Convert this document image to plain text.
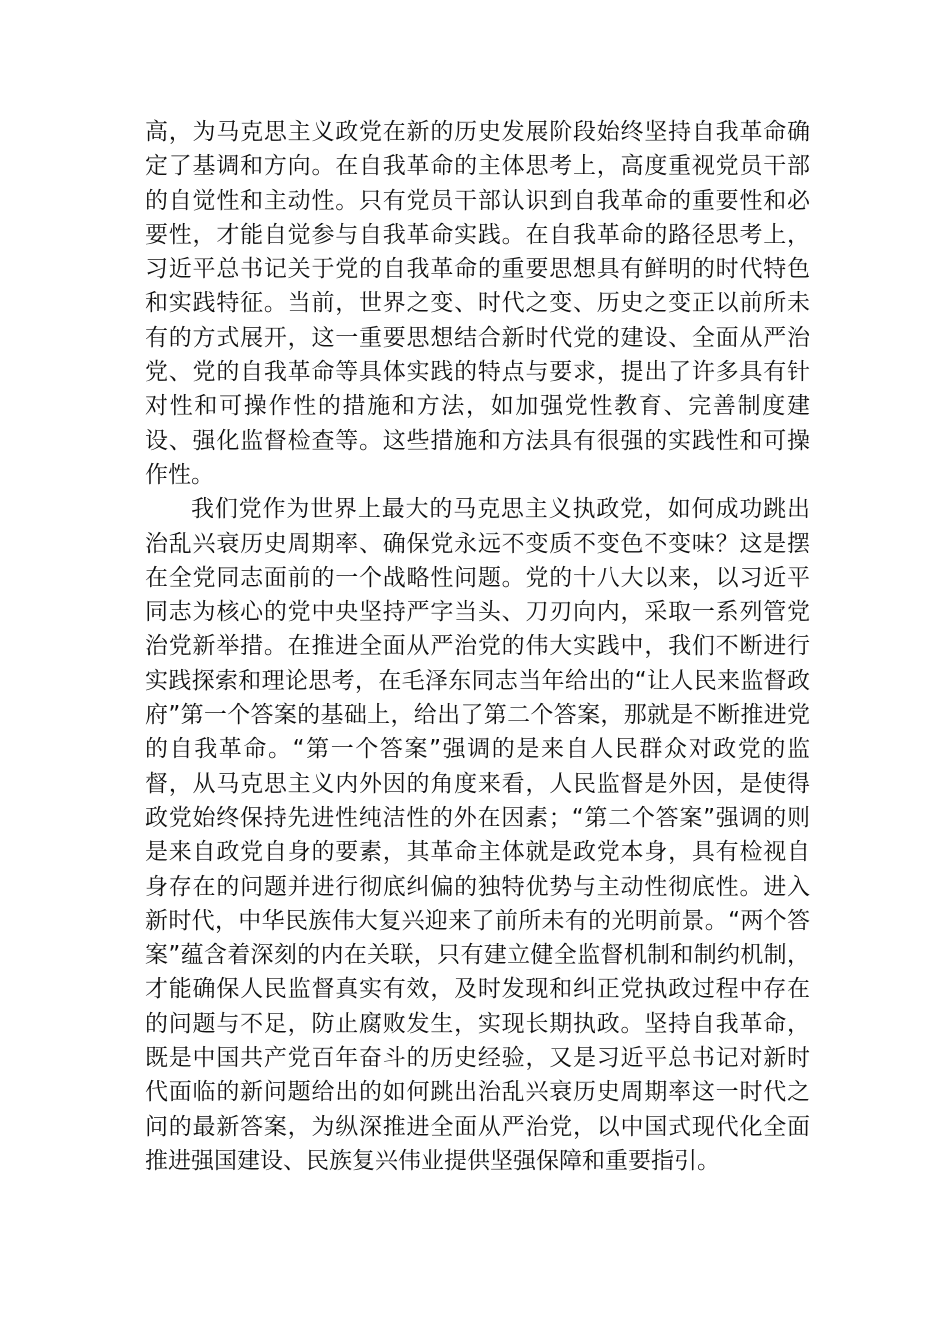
高，为马克思主义政党在新的历史发展阶段始终坚持自我革命确定了基调和方向。在自我革命的主体思考上，高度重视党员干部的自觉性和主动性。只有党员干部认识到自我革命的重要性和必要性，才能自觉参与自我革命实践。在自我革命的路径思考上，习近平总书记关于党的自我革命的重要思想具有鲜明的时代特色和实践特征。当前，世界之变、时代之变、历史之变正以前所未有的方式展开，这一重要思想结合新时代党的建设、全面从严治党、党的自我革命等具体实践的特点与要求，提出了许多具有针对性和可操作性的措施和方法，如加强党性教育、完善制度建设、强化监督检查等。这些措施和方法具有很强的实践性和可操作性。

我们党作为世界上最大的马克思主义执政党，如何成功跳出治乱兴衰历史周期率、确保党永远不变质不变色不变味？这是摆在全党同志面前的一个战略性问题。党的十八大以来，以习近平同志为核心的党中央坚持严字当头、刀刃向内，采取一系列管党治党新举措。在推进全面从严治党的伟大实践中，我们不断进行实践探索和理论思考，在毛泽东同志当年给出的“让人民来监督政府”第一个答案的基础上，给出了第二个答案，那就是不断推进党的自我革命。“第一个答案”强调的是来自人民群众对政党的监督，从马克思主义内外因的角度来看，人民监督是外因，是使得政党始终保持先进性纯洁性的外在因素；“第二个答案”强调的则是来自政党自身的要素，其革命主体就是政党本身，具有检视自身存在的问题并进行彻底纠偏的独特优势与主动性彻底性。进入新时代，中华民族伟大复兴迎来了前所未有的光明前景。“两个答案”蕴含着深刻的内在关联，只有建立健全监督机制和制约机制，才能确保人民监督真实有效，及时发现和纠正党执政过程中存在的问题与不足，防止腐败发生，实现长期执政。坚持自我革命，既是中国共产党百年奋斗的历史经验，又是习近平总书记对新时代面临的新问题给出的如何跳出治乱兴衰历史周期率这一时代之问的最新答案，为纵深推进全面从严治党，以中国式现代化全面推进强国建设、民族复兴伟业提供坚强保障和重要指引。
